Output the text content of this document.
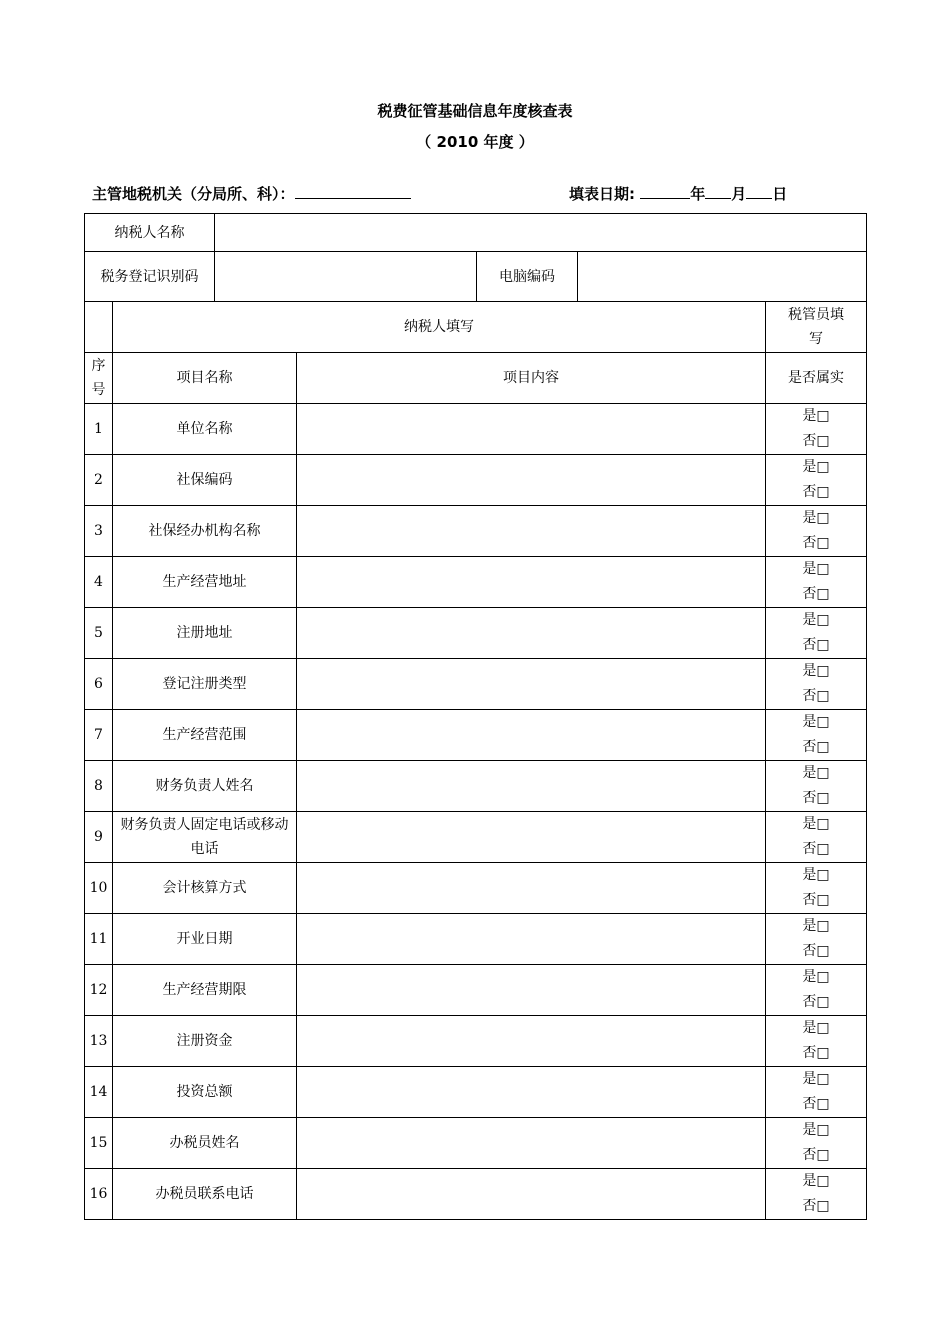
税费征管基础信息年度核查表
（ 2010 年度 ）
主管地税机关（分局所、科）：	填表日期:	年 月 日
纳税人名称						
税务登记识别码				电脑编码		
	纳税人填写					税管员填写
序号	项目名称		项目内容			是否属实
1	单位名称					是□
否□

2	社保编码					是□
否□

3	社保经办机构名称					是□
否□

4	生产经营地址					是□
否□

5	注册地址					是□
否□

6	登记注册类型					是□
否□

7	生产经营范围					是□
否□

8	财务负责人姓名					是□
否□

9	财务负责人固定电话或移动电话					是□
否□

10	会计核算方式					是□
否□

11	开业日期					是□
否□

12	生产经营期限					是□
否□

13	注册资金					是□
否□

14	投资总额					是□
否□

15	办税员姓名					是□
否□

16	办税员联系电话					是□
否□
